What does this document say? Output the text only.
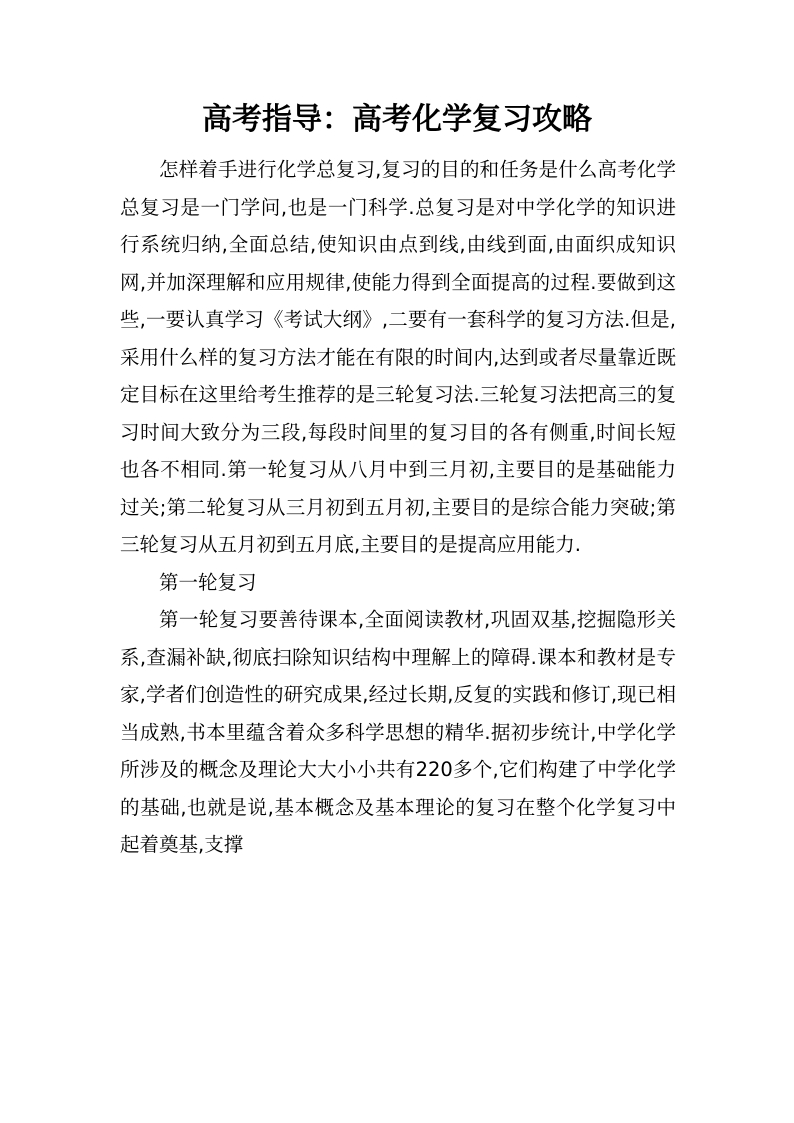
高考指导：高考化学复习攻略

怎样着手进行化学总复习,复习的目的和任务是什么高考化学总复习是一门学问,也是一门科学.总复习是对中学化学的知识进行系统归纳,全面总结,使知识由点到线,由线到面,由面织成知识网,并加深理解和应用规律,使能力得到全面提高的过程.要做到这些,一要认真学习《考试大纲》,二要有一套科学的复习方法.但是,采用什么样的复习方法才能在有限的时间内,达到或者尽量靠近既定目标在这里给考生推荐的是三轮复习法.三轮复习法把高三的复习时间大致分为三段,每段时间里的复习目的各有侧重,时间长短也各不相同.第一轮复习从八月中到三月初,主要目的是基础能力过关;第二轮复习从三月初到五月初,主要目的是综合能力突破;第三轮复习从五月初到五月底,主要目的是提高应用能力.

第一轮复习

第一轮复习要善待课本,全面阅读教材,巩固双基,挖掘隐形关系,查漏补缺,彻底扫除知识结构中理解上的障碍.课本和教材是专家,学者们创造性的研究成果,经过长期,反复的实践和修订,现已相当成熟,书本里蕴含着众多科学思想的精华.据初步统计,中学化学所涉及的概念及理论大大小小共有220多个,它们构建了中学化学的基础,也就是说,基本概念及基本理论的复习在整个化学复习中起着奠基,支撑
